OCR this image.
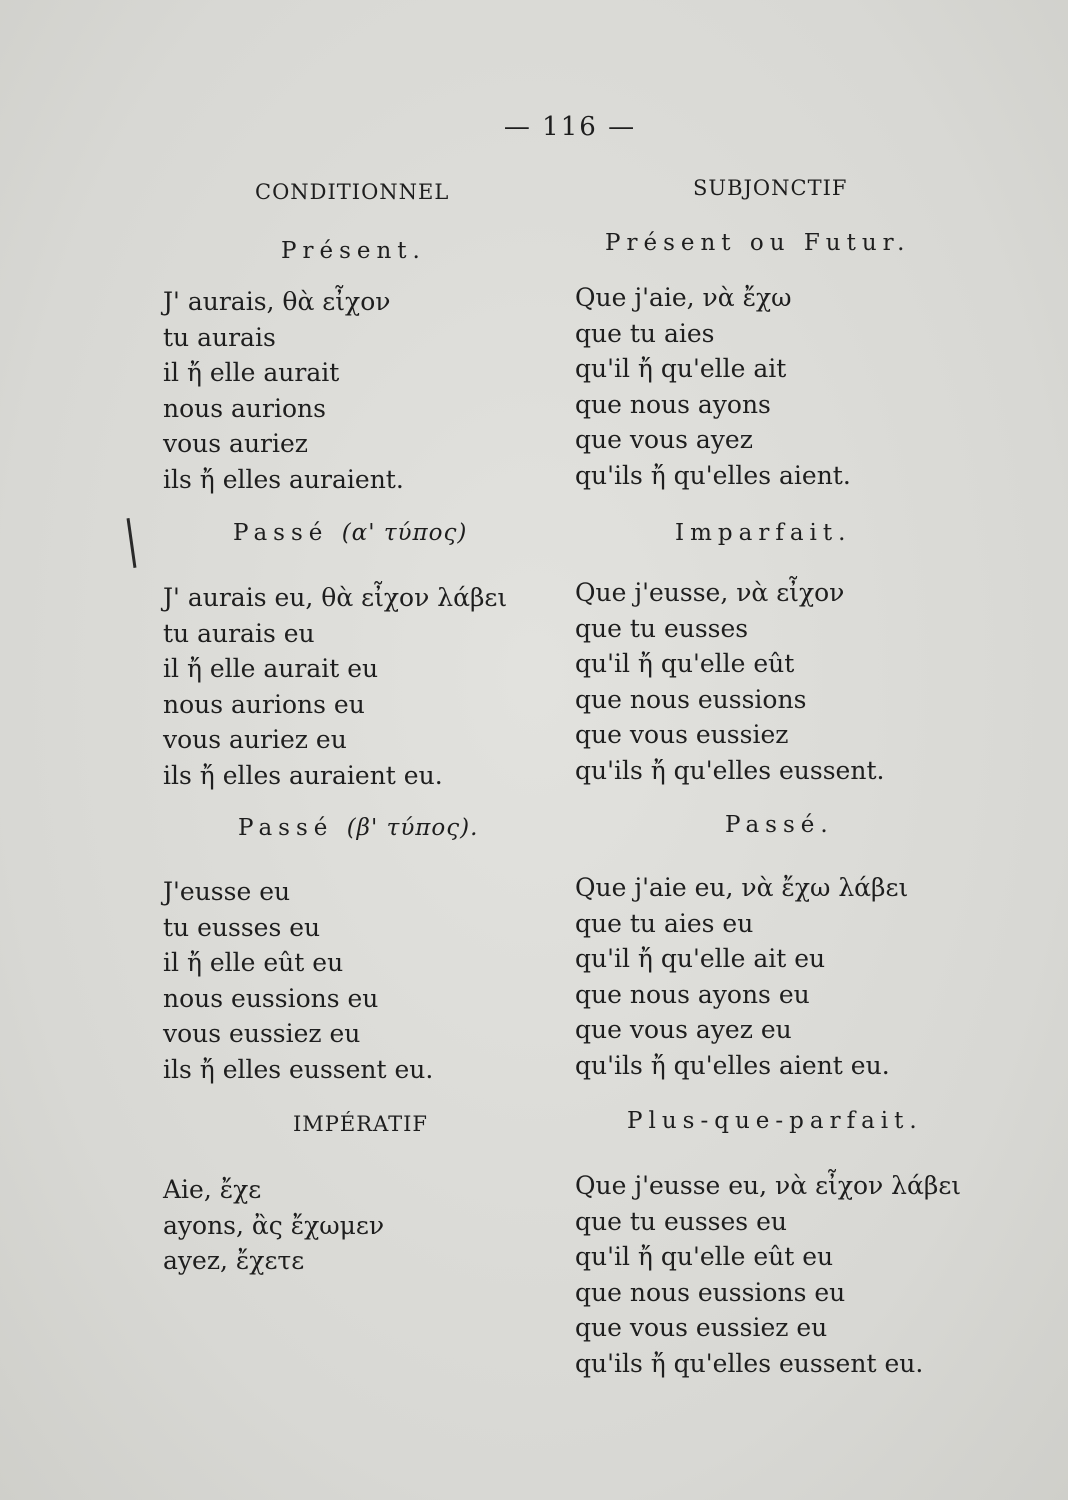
— 116 —
CONDITIONNEL
Présent.
J' aurais, θὰ εἶχον
tu aurais
il ἤ elle aurait
nous aurions
vous auriez
ils ἤ elles auraient.
Passé (α' τύπος)
J' aurais eu, θὰ εἶχον λάβει
tu aurais eu
il ἤ elle aurait eu
nous aurions eu
vous auriez eu
ils ἤ elles auraient eu.
Passé (β' τύπος).
J'eusse eu
tu eusses eu
il ἤ elle eût eu
nous eussions eu
vous eussiez eu
ils ἤ elles eussent eu.
IMPÉRATIF
Aie, ἔχε
ayons, ἂς ἔχωμεν
ayez, ἔχετε
SUBJONCTIF
Présent ou Futur.
Que j'aie, νὰ ἔχω
que tu aies
qu'il ἤ qu'elle ait
que nous ayons
que vous ayez
qu'ils ἤ qu'elles aient.
Imparfait.
Que j'eusse, νὰ εἶχον
que tu eusses
qu'il ἤ qu'elle eût
que nous eussions
que vous eussiez
qu'ils ἤ qu'elles eussent.
Passé.
Que j'aie eu, νὰ ἔχω λάβει
que tu aies eu
qu'il ἤ qu'elle ait eu
que nous ayons eu
que vous ayez eu
qu'ils ἤ qu'elles aient eu.
Plus-que-parfait.
Que j'eusse eu, νὰ εἶχον λάβει
que tu eusses eu
qu'il ἤ qu'elle eût eu
que nous eussions eu
que vous eussiez eu
qu'ils ἤ qu'elles eussent eu.
